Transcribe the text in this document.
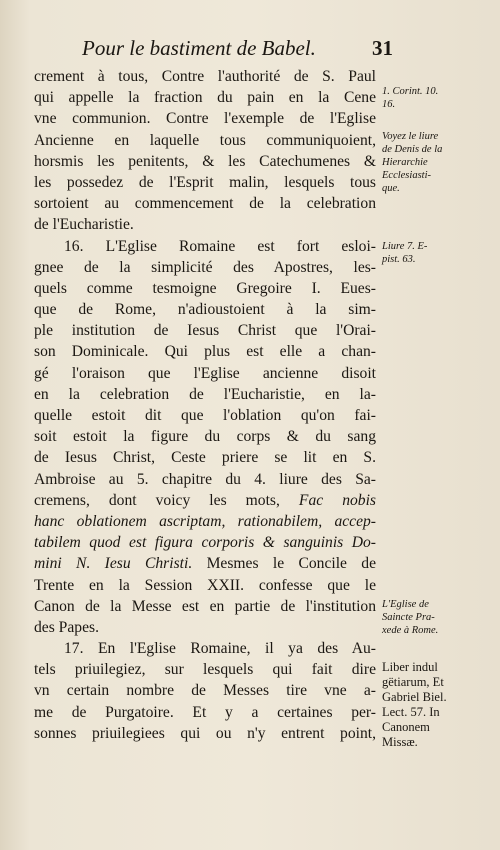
Pour le bastiment de Babel.	31
crement à tous, Contre l'authorité de S. Paul
qui appelle la fraction du pain en la Cene
vne communion. Contre l'exemple de l'Eglise
Ancienne en laquelle tous communiquoient,
horsmis les penitents, & les Catechumenes &
les possedez de l'Esprit malin, lesquels tous
sortoient au commencement de la celebration
de l'Eucharistie.
16. L'Eglise Romaine est fort esloi-
gnee de la simplicité des Apostres, les-
quels comme tesmoigne Gregoire I. Eues-
que de Rome, n'adioustoient à la sim-
ple institution de Iesus Christ que l'Orai-
son Dominicale. Qui plus est elle a chan-
gé l'oraison que l'Eglise ancienne disoit
en la celebration de l'Eucharistie, en la-
quelle estoit dit que l'oblation qu'on fai-
soit estoit la figure du corps & du sang
de Iesus Christ, Ceste priere se lit en S.
Ambroise au 5. chapitre du 4. liure des Sa-
cremens, dont voicy les mots, Fac nobis
hanc oblationem ascriptam, rationabilem, accep-
tabilem quod est figura corporis & sanguinis Do-
mini N. Iesu Christi. Mesmes le Concile de
Trente en la Session XXII. confesse que le
Canon de la Messe est en partie de l'institution
des Papes.
17. En l'Eglise Romaine, il ya des Au-
tels priuilegiez, sur lesquels qui fait dire
vn certain nombre de Messes tire vne a-
me de Purgatoire. Et y a certaines per-
sonnes priuilegiees qui ou n'y entrent point,
1. Corint. 10.
16.
Voyez le liure
de Denis de la
Hierarchie
Ecclesiasti-
que.
Liure 7. E-
pist. 63.
L'Eglise de
Saincte Pra-
xede à Rome.
Liber indul
gëtiarum, Et
Gabriel Biel.
Lect. 57. In
Canonem
Missæ.
